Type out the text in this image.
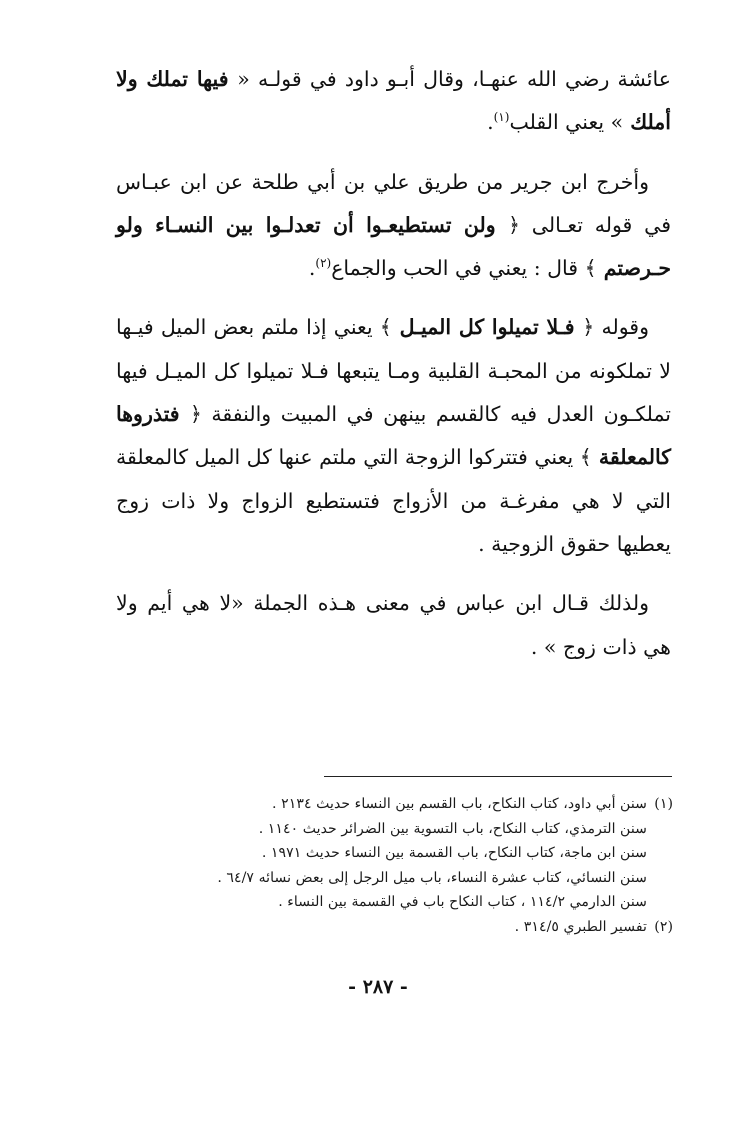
عائشة رضي الله عنهـا، وقال أبـو داود في قولـه « فيها تملك ولا أملك » يعني القلب$^{(١)}$.

وأخرج ابن جرير من طريق علي بن أبي طلحة عن ابن عبـاس في قوله تعـالى ﴿ ولن تستطيعـوا أن تعدلـوا بين النسـاء ولو حـرصتم ﴾ قال : يعني في الحب والجماع$^{(٢)}$.

وقوله ﴿ فـلا تميلوا كل الميـل ﴾ يعني إذا ملتم بعض الميل فيـها لا تملكونه من المحبـة القلبية ومـا يتبعها فـلا تميلوا كل الميـل فيها تملكـون العدل فيه كالقسم بينهن في المبيت والنفقة ﴿ فتذروها كالمعلقة ﴾ يعني فتتركوا الزوجة التي ملتم عنها كل الميل كالمعلقة التي لا هي مفرغـة من الأزواج فتستطيع الزواج ولا ذات زوج يعطيها حقوق الزوجية .

ولذلك قـال ابن عباس في معنى هـذه الجملة «لا هي أيم ولا هي ذات زوج » .

(١)سنن أبي داود، كتاب النكاح، باب القسم بين النساء حديث ٢١٣٤ .
سنن الترمذي، كتاب النكاح، باب التسوية بين الضرائر حديث ١١٤٠ .
سنن ابن ماجة، كتاب النكاح، باب القسمة بين النساء حديث ١٩٧١ .
سنن النسائي، كتاب عشرة النساء، باب ميل الرجل إلى بعض نسائه ٦٤/٧ .
سنن الدارمي ١١٤/٢ ، كتاب النكاح باب في القسمة بين النساء .
(٢)تفسير الطبري ٣١٤/٥ .
- ٢٨٧ -
